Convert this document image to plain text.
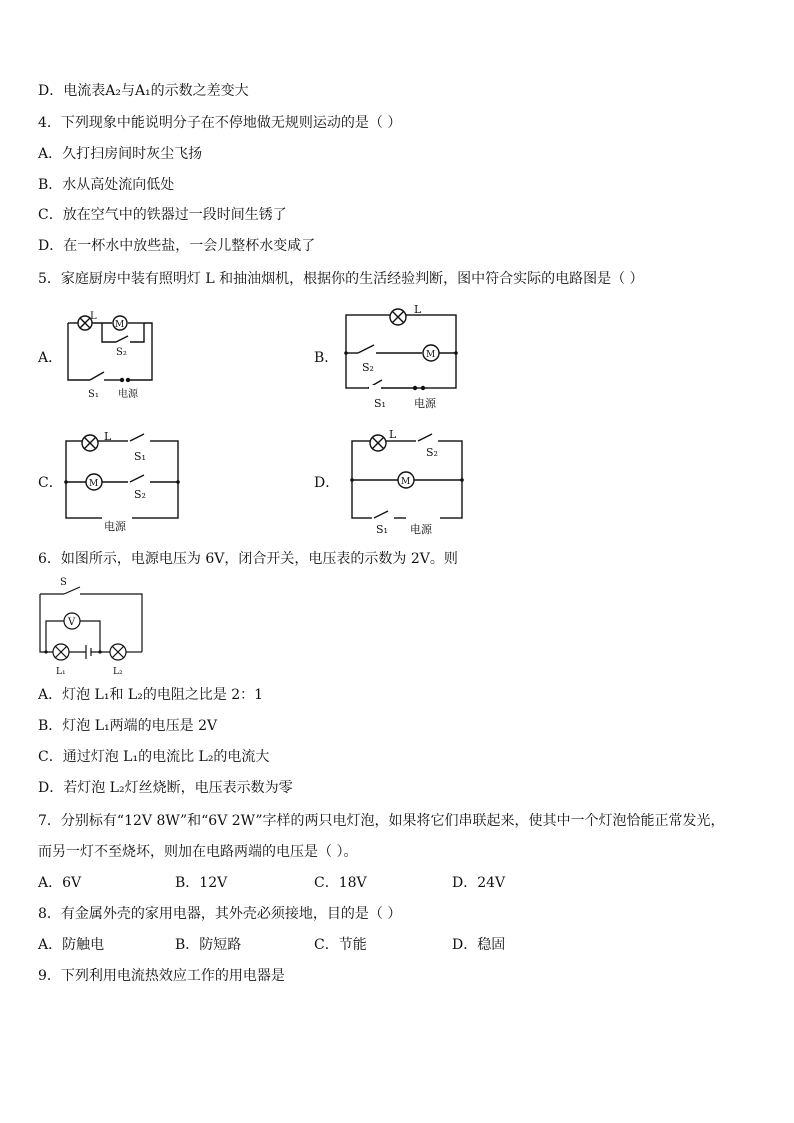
D．电流表A₂与A₁的示数之差变大
4．下列现象中能说明分子在不停地做无规则运动的是（ ）
A．久打扫房间时灰尘飞扬
B．水从高处流向低处
C．放在空气中的铁器过一段时间生锈了
D．在一杯水中放些盐，一会儿整杯水变咸了
5．家庭厨房中装有照明灯 L 和抽油烟机，根据你的生活经验判断，图中符合实际的电路图是（ ）
A．	B．
C．	D．
L
M
S₂
S₁ 电源
L
M
S₂
S₁	电源
L
M
S₁
S₂
电源
L
M
S₂
S₁ 电源
6．如图所示，电源电压为 6V，闭合开关，电压表的示数为 2V。则
S
V
L₁	L₂
A．灯泡 L₁和 L₂的电阻之比是 2：1
B．灯泡 L₁两端的电压是 2V
C．通过灯泡 L₁的电流比 L₂的电流大
D．若灯泡 L₂灯丝烧断，电压表示数为零
7．分别标有“12V 8W”和“6V 2W”字样的两只电灯泡，如果将它们串联起来，使其中一个灯泡恰能正常发光，
而另一灯不至烧坏，则加在电路两端的电压是（ ）。
A．6V	B．12V	C．18V	D．24V
8．有金属外壳的家用电器，其外壳必须接地，目的是（ ）
A．防触电	B．防短路	C．节能	D．稳固
9．下列利用电流热效应工作的用电器是
